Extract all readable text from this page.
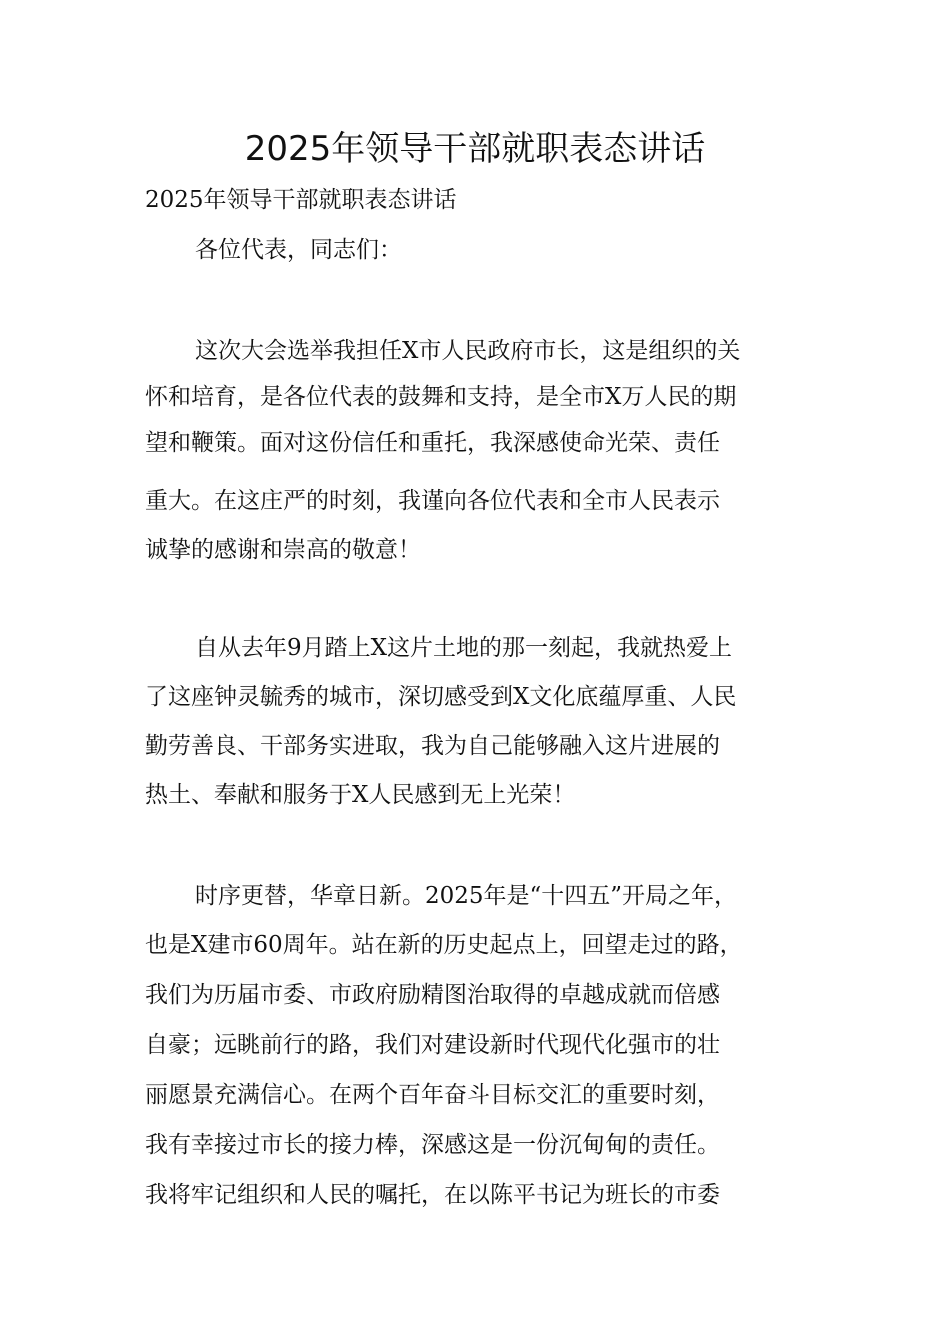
2025年领导干部就职表态讲话

2025年领导干部就职表态讲话

各位代表，同志们：

这次大会选举我担任X市人民政府市长，这是组织的关

怀和培育，是各位代表的鼓舞和支持，是全市X万人民的期

望和鞭策。面对这份信任和重托，我深感使命光荣、责任

重大。在这庄严的时刻，我谨向各位代表和全市人民表示

诚挚的感谢和崇高的敬意！

自从去年9月踏上X这片土地的那一刻起，我就热爱上

了这座钟灵毓秀的城市，深切感受到X文化底蕴厚重、人民

勤劳善良、干部务实进取，我为自己能够融入这片进展的

热土、奉献和服务于X人民感到无上光荣！

时序更替，华章日新。2025年是“十四五”开局之年，

也是X建市60周年。站在新的历史起点上，回望走过的路，

我们为历届市委、市政府励精图治取得的卓越成就而倍感

自豪；远眺前行的路，我们对建设新时代现代化强市的壮

丽愿景充满信心。在两个百年奋斗目标交汇的重要时刻，

我有幸接过市长的接力棒，深感这是一份沉甸甸的责任。

我将牢记组织和人民的嘱托，在以陈平书记为班长的市委
